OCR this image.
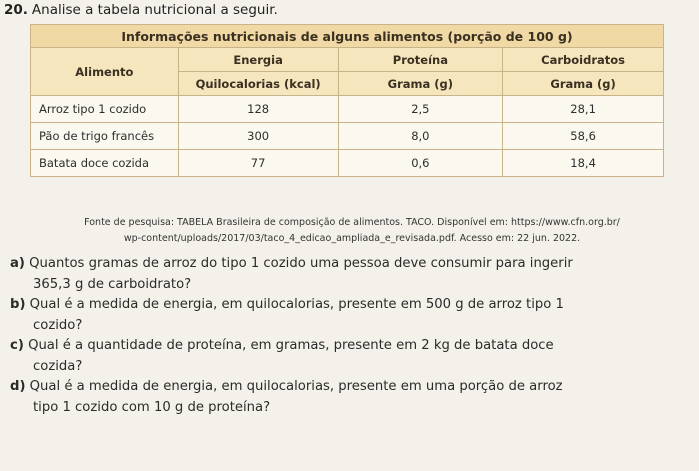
20. Analise a tabela nutricional a seguir.
Informações nutricionais de alguns alimentos (porção de 100 g)			
Alimento	Energia	Proteína	Carboidratos
	Quilocalorias (kcal)	Grama (g)	Grama (g)
Arroz tipo 1 cozido	128	2,5	28,1
Pão de trigo francês	300	8,0	58,6
Batata doce cozida	77	0,6	18,4
Fonte de pesquisa: TABELA Brasileira de composição de alimentos. TACO. Disponível em: https://www.cfn.org.br/
wp-content/uploads/2017/03/taco_4_edicao_ampliada_e_revisada.pdf. Acesso em: 22 jun. 2022.

a) Quantos gramas de arroz do tipo 1 cozido uma pessoa deve consumir para ingerir
365,3 g de carboidrato?

b) Qual é a medida de energia, em quilocalorias, presente em 500 g de arroz tipo 1
cozido?

c) Qual é a quantidade de proteína, em gramas, presente em 2 kg de batata doce
cozida?

d) Qual é a medida de energia, em quilocalorias, presente em uma porção de arroz
tipo 1 cozido com 10 g de proteína?
